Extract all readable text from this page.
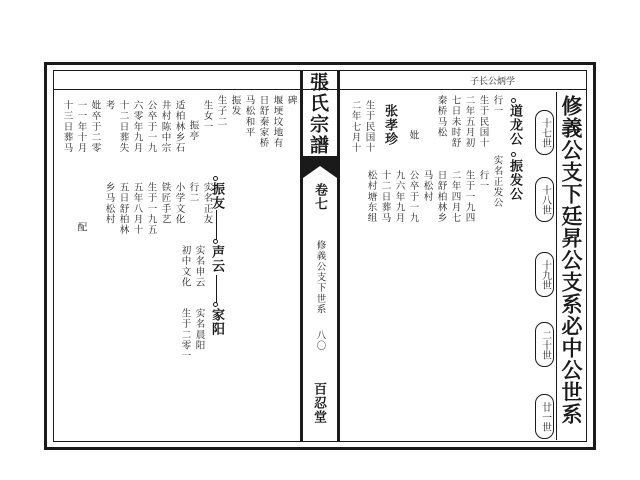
子长公炳学
張氏宗譜
卷七
修義公支下世系
八〇
百忍堂	修義公支下廷昇公支系必中公世系
十七世
十八世
十九世
二十世
廿一世
道龙公
振发公
行一
生于民国十
二年五月初
七日未时舒
秦桥马松
实名正发公
行一
生于一九四
二年四月七
日舒柏林乡
马松村
公卒于一九
九六年九月
十二日葬马
松村塘东组
张孝珍 妣
生于民国十
二年七月十
碑
堰埂坟地有
日舒秦家桥
马松和平
振发
生子二
生女一
振亭
适柏林乡石
井村陈中宗
公卒于一九
六零年九月
十二日葬失
考
妣卒于二零
一一年十月
十三日葬马
振友
实名正友
行二
小学文化
铁匠手艺
生于一九五
五年八月十
五日舒柏林
乡马松村
配
声云
实名申云
初中文化
家阳
实名晨阳
生于二零一
